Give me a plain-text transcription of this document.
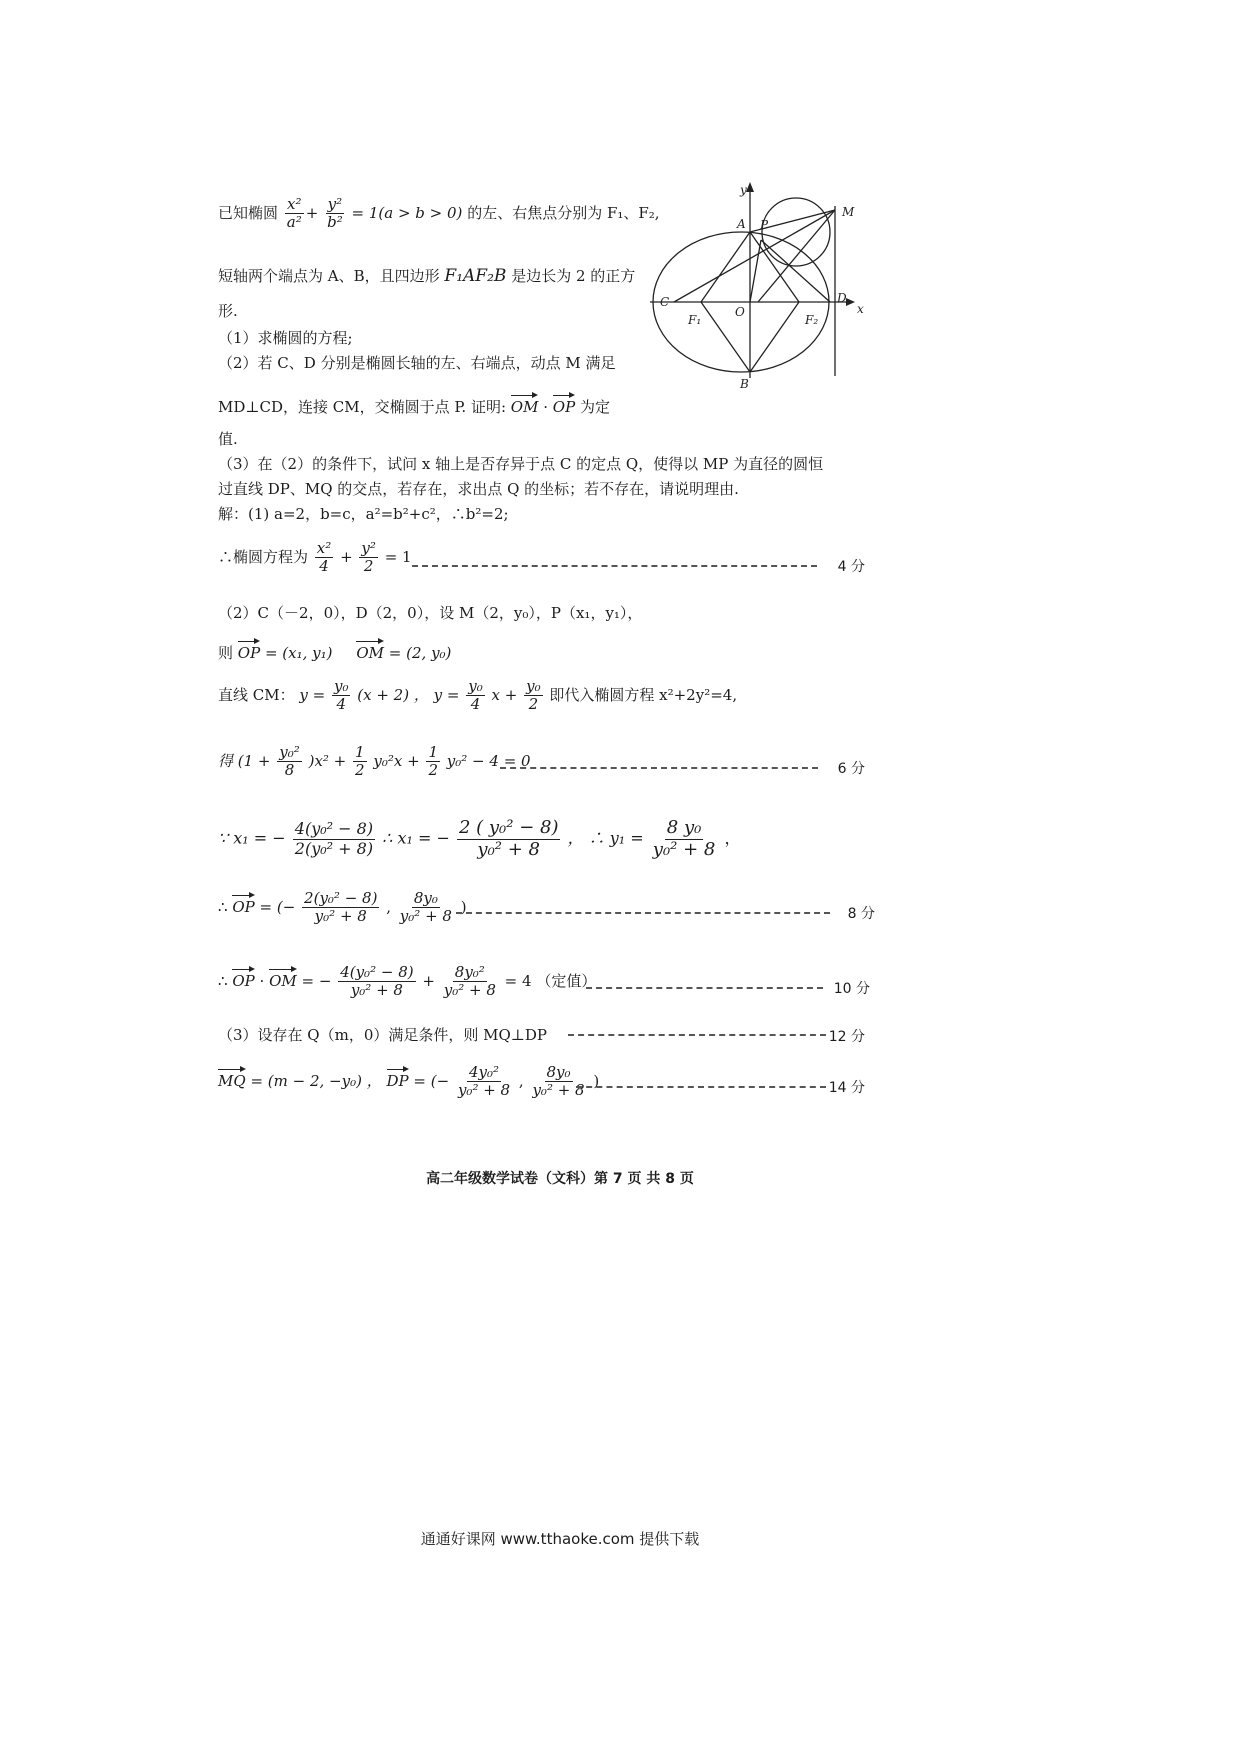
已知椭圆 $\frac{\text{x²}}{\text{a²}} + \frac{\text{y²}}{\text{b²}} = 1(a > b > 0)$ 的左、右焦点分别为 F₁、F₂,
短轴两个端点为 A、B，且四边形 F₁AF₂B 是边长为 2 的正方
形.
（1）求椭圆的方程;
（2）若 C、D 分别是椭圆长轴的左、右端点，动点 M 满足
MD⊥CD，连接 CM，交椭圆于点 P. 证明: OM · OP 为定
值.
（3）在（2）的条件下，试问 x 轴上是否存异于点 C 的定点 Q，使得以 MP 为直径的圆恒
过直线 DP、MQ 的交点，若存在，求出点 Q 的坐标；若不存在，请说明理由.
y
x
M
A P
C
O
D
F₁	F₂
B
解：(1) a=2，b=c，a²=b²+c²，∴b²=2;
∴椭圆方程为 $\frac{\text{x²}}{4} + \frac{\text{y²}}{2} = 1$
4 分
（2）C（－2，0），D（2，0），设 M（2，y₀），P（x₁，y₁），
则 OP = (x₁, y₁) OM = (2, y₀)
直线 CM： $y = \frac{\text{y₀}}{4} (x + 2)$ ， $y = \frac{\text{y₀}}{4}$ $x + \frac{\text{y₀}}{2}$ 即代入椭圆方程 x²+2y²=4,
得 $(1 + \frac{\text{y₀²}}{8} )x^2 + \frac{1}{2} y_0^2x + \frac{1}{2} y_0^2 - 4 = 0$	6 分
∵ x₁ = − $\frac{\text{4(y₀² − 8)}}{\text{2(y₀² + 8)}}$ ∴ x₁ = − $\frac{\text{2 ( y₀² − 8)}}{\text{y₀² + 8}}$ ， ∴ $y_1 = \frac{\text{8 y₀}}{\text{y₀² + 8}}$ ，
∴ OP = (− $\frac{\text{2(y₀² − 8)}}{\text{y₀² + 8}}$ , $\frac{\text{8y₀}}{\text{y₀² + 8}}$ )	8 分
∴ OP · OM = − $\frac{\text{4(y₀² − 8)}}{\text{y₀² + 8}} + \frac{\text{8y₀²}}{\text{y₀² + 8}} = 4$ （定值）	10 分
（3）设存在 Q（m，0）满足条件，则 MQ⊥DP	12 分
MQ = (m − 2, −y₀) ， DP = (− $\frac{\text{4y₀²}}{\text{y₀² + 8}}$ , $\frac{\text{8y₀}}{\text{y₀² + 8}}$ )	14 分
高二年级数学试卷（文科）第 7 页 共 8 页
通通好课网 www.tthaoke.com 提供下载
